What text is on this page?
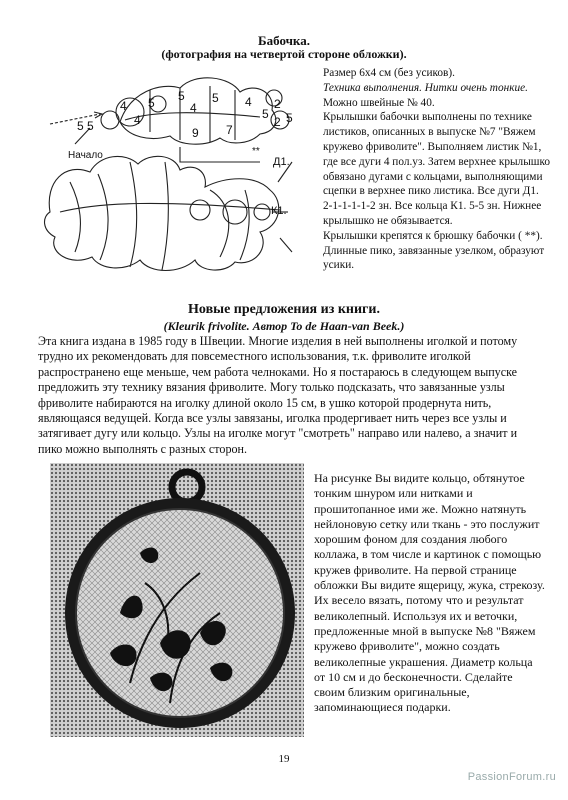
Бабочка.
(фотография на четвертой стороне обложки).
5 5
4
4
5 5
4
7
9
5 4
5
2
2 5
**
Начало
Д1.
К1.

Размер 6х4 см (без усиков).

Техника выполнения. Нитки очень тонкие.

Можно швейные № 40.

Крылышки бабочки выполнены по технике листиков, описанных в выпуске №7 "Вяжем кружево фриволите". Выполняем листик №1, где все дуги 4 пол.уз. Затем верхнее крылышко обвязано дугами с кольцами, выполняющими сцепки в верхнее пико листика. Все дуги Д1. 2-1-1-1-1-2 зн. Все кольца К1. 5-5 зн. Нижнее крылышко не обязывается.

Крылышки крепятся к брюшку бабочки ( **).

Длинные пико, завязанные узелком, образуют усики.

Новые предложения из книги.
(Kleurik frivolite. Автор To de Haan-van Beek.)

Эта книга издана в 1985 году в Швеции. Многие изделия в ней выполнены иголкой и потому трудно их рекомендовать для повсеместного использования, т.к. фриволите иголкой распространено еще меньше, чем работа челноками. Но я постараюсь в следующем выпуске предложить эту технику вязания фриволите. Могу только подсказать, что завязанные узлы фриволите набираются на иголку длиной около 15 см, в ушко которой продернута нить, являющаяся ведущей. Когда все узлы завязаны, иголка продергивает нить через все узлы и затягивает дугу или кольцо. Узлы на иголке могут "смотреть" направо или налево, а значит и пико можно выполнять с разных сторон.

На рисунке Вы видите кольцо, обтянутое тонким шнуром или нитками и прошитопанное ими же. Можно натянуть нейлоновую сетку или ткань - это послужит хорошим фоном для создания любого коллажа, в том числе и картинок с помощью кружев фриволите. На первой странице обложки Вы видите ящерицу, жука, стрекозу. Их весело вязать, потому что и результат великолепный. Используя их и веточки, предложенные мной в выпуске №8 "Вяжем кружево фриволите", можно создать великолепные украшения. Диаметр кольца от 10 см и до бесконечности. Сделайте своим близким оригинальные, запоминающиеся подарки.

19
PassionForum.ru
